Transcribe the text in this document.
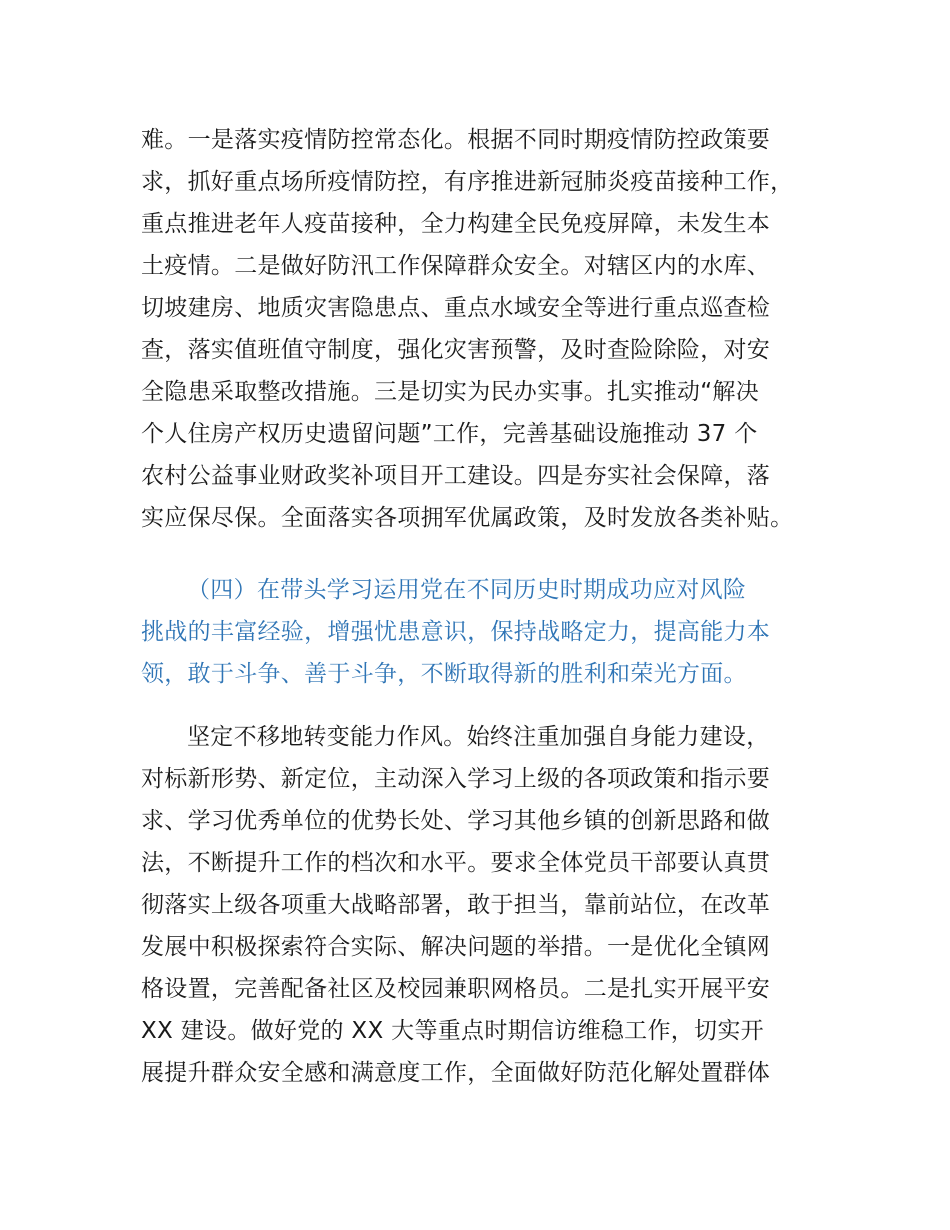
难。一是落实疫情防控常态化。根据不同时期疫情防控政策要
求，抓好重点场所疫情防控，有序推进新冠肺炎疫苗接种工作，
重点推进老年人疫苗接种，全力构建全民免疫屏障，未发生本
土疫情。二是做好防汛工作保障群众安全。对辖区内的水库、
切坡建房、地质灾害隐患点、重点水域安全等进行重点巡查检
查，落实值班值守制度，强化灾害预警，及时查险除险，对安
全隐患采取整改措施。三是切实为民办实事。扎实推动“解决
个人住房产权历史遗留问题”工作，完善基础设施推动 37 个
农村公益事业财政奖补项目开工建设。四是夯实社会保障，落
实应保尽保。全面落实各项拥军优属政策，及时发放各类补贴。
（四）在带头学习运用党在不同历史时期成功应对风险
挑战的丰富经验，增强忧患意识，保持战略定力，提高能力本
领，敢于斗争、善于斗争，不断取得新的胜利和荣光方面。
坚定不移地转变能力作风。始终注重加强自身能力建设，
对标新形势、新定位，主动深入学习上级的各项政策和指示要
求、学习优秀单位的优势长处、学习其他乡镇的创新思路和做
法，不断提升工作的档次和水平。要求全体党员干部要认真贯
彻落实上级各项重大战略部署，敢于担当，靠前站位，在改革
发展中积极探索符合实际、解决问题的举措。一是优化全镇网
格设置，完善配备社区及校园兼职网格员。二是扎实开展平安
XX 建设。做好党的 XX 大等重点时期信访维稳工作，切实开
展提升群众安全感和满意度工作，全面做好防范化解处置群体
